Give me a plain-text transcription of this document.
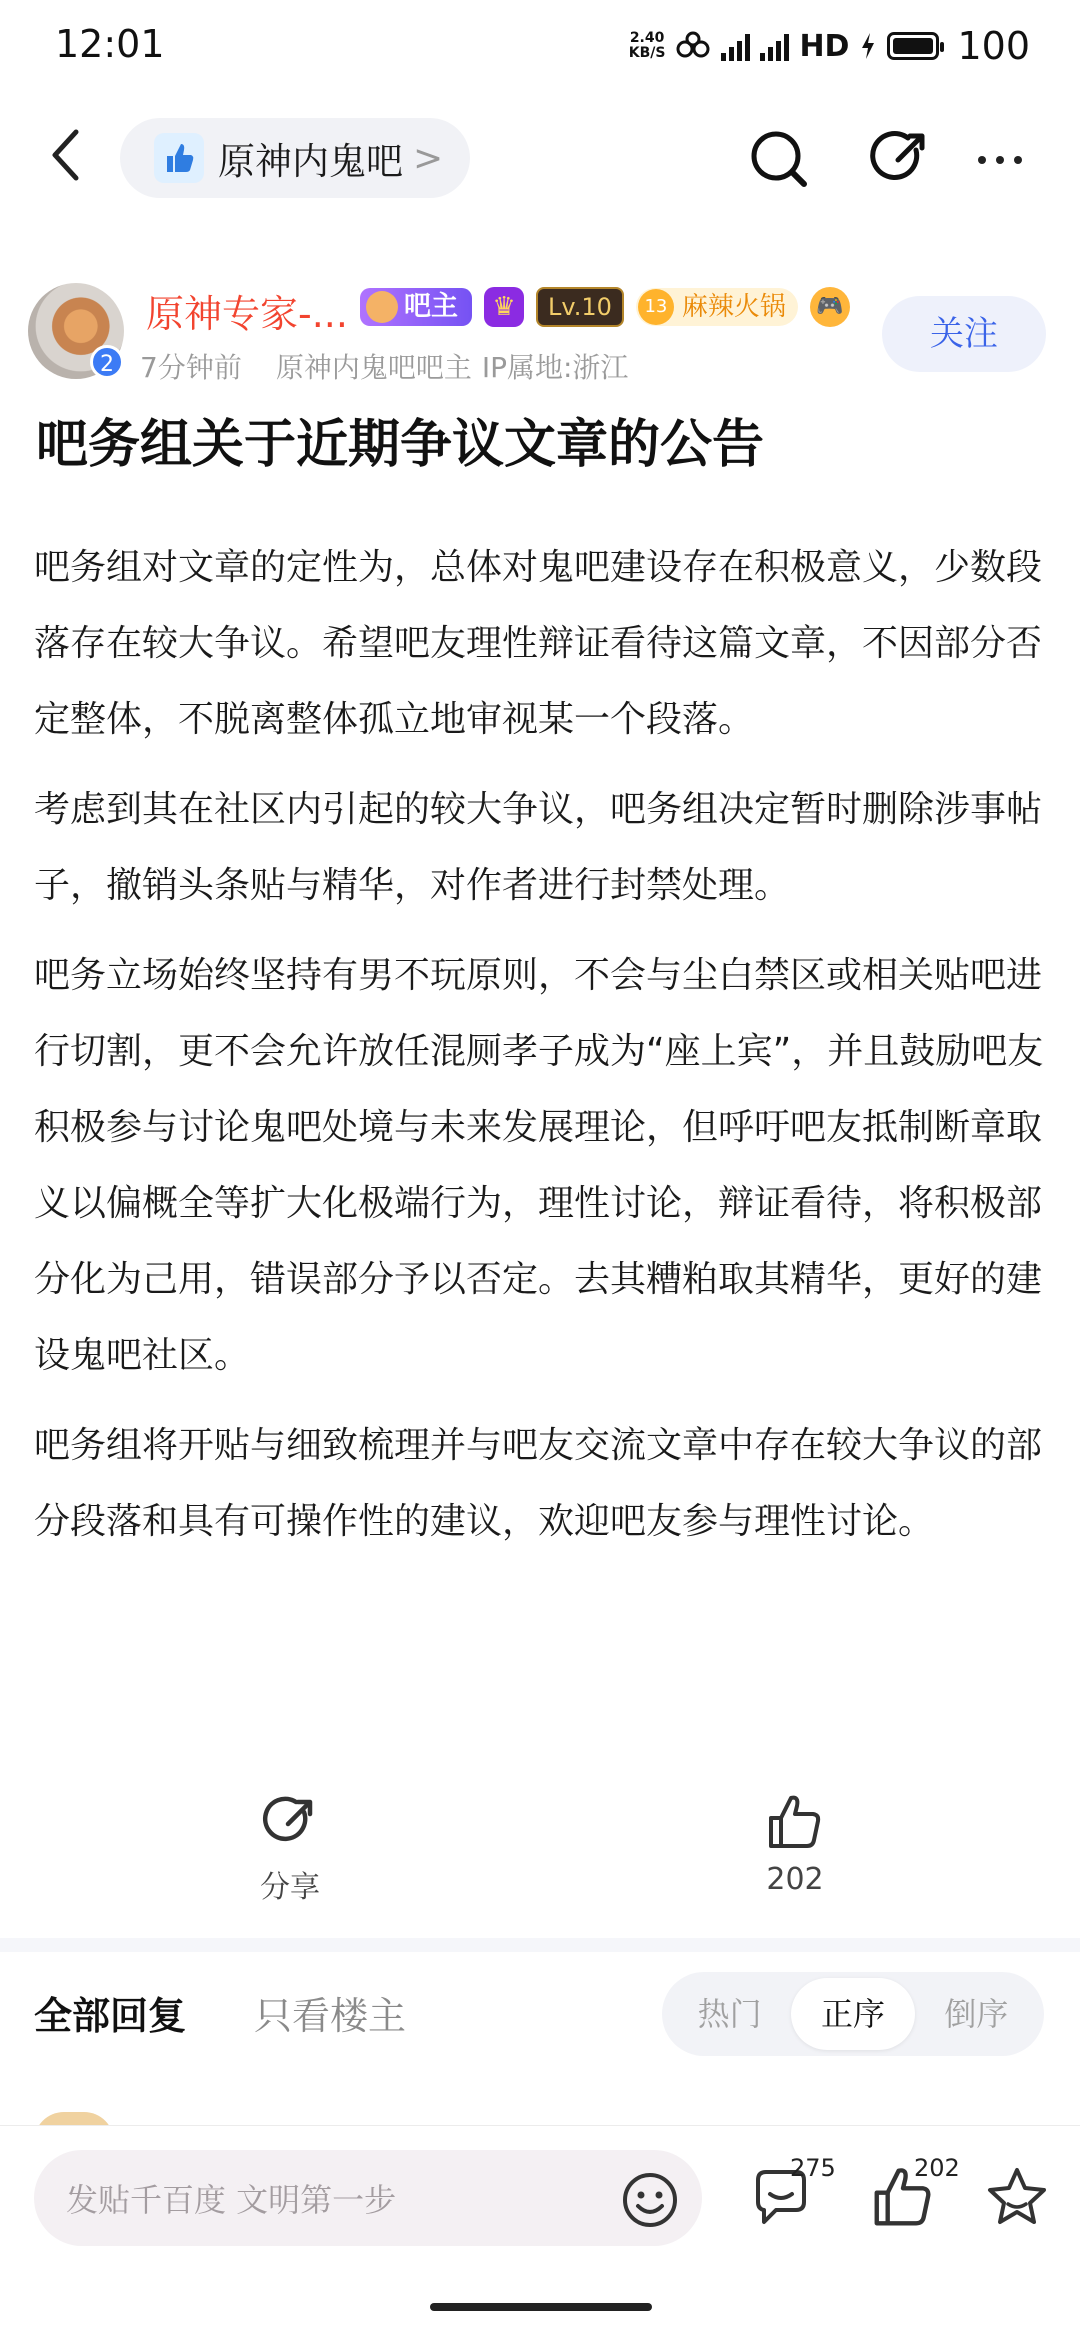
12:01	2.40
KB/S	HD	100
原神内鬼吧 >
2
原神专家-...	吧主	♛	Lv.10
13	麻辣火锅	🎮
7分钟前 原神内鬼吧吧主 IP属地:浙江
关注
吧务组关于近期争议文章的公告

吧务组对文章的定性为，总体对鬼吧建设存在积极意义，少数段落存在较大争议。希望吧友理性辩证看待这篇文章，不因部分否定整体，不脱离整体孤立地审视某一个段落。

考虑到其在社区内引起的较大争议，吧务组决定暂时删除涉事帖子，撤销头条贴与精华，对作者进行封禁处理。

吧务立场始终坚持有男不玩原则，不会与尘白禁区或相关贴吧进行切割，更不会允许放任混厕孝子成为“座上宾”，并且鼓励吧友积极参与讨论鬼吧处境与未来发展理论，但呼吁吧友抵制断章取义以偏概全等扩大化极端行为，理性讨论，辩证看待，将积极部分化为己用，错误部分予以否定。去其糟粕取其精华，更好的建设鬼吧社区。

吧务组将开贴与细致梳理并与吧友交流文章中存在较大争议的部分段落和具有可操作性的建议，欢迎吧友参与理性讨论。

分享	202
全部回复 只看楼主	热门	正序	倒序
发贴千百度 文明第一步
275	202
